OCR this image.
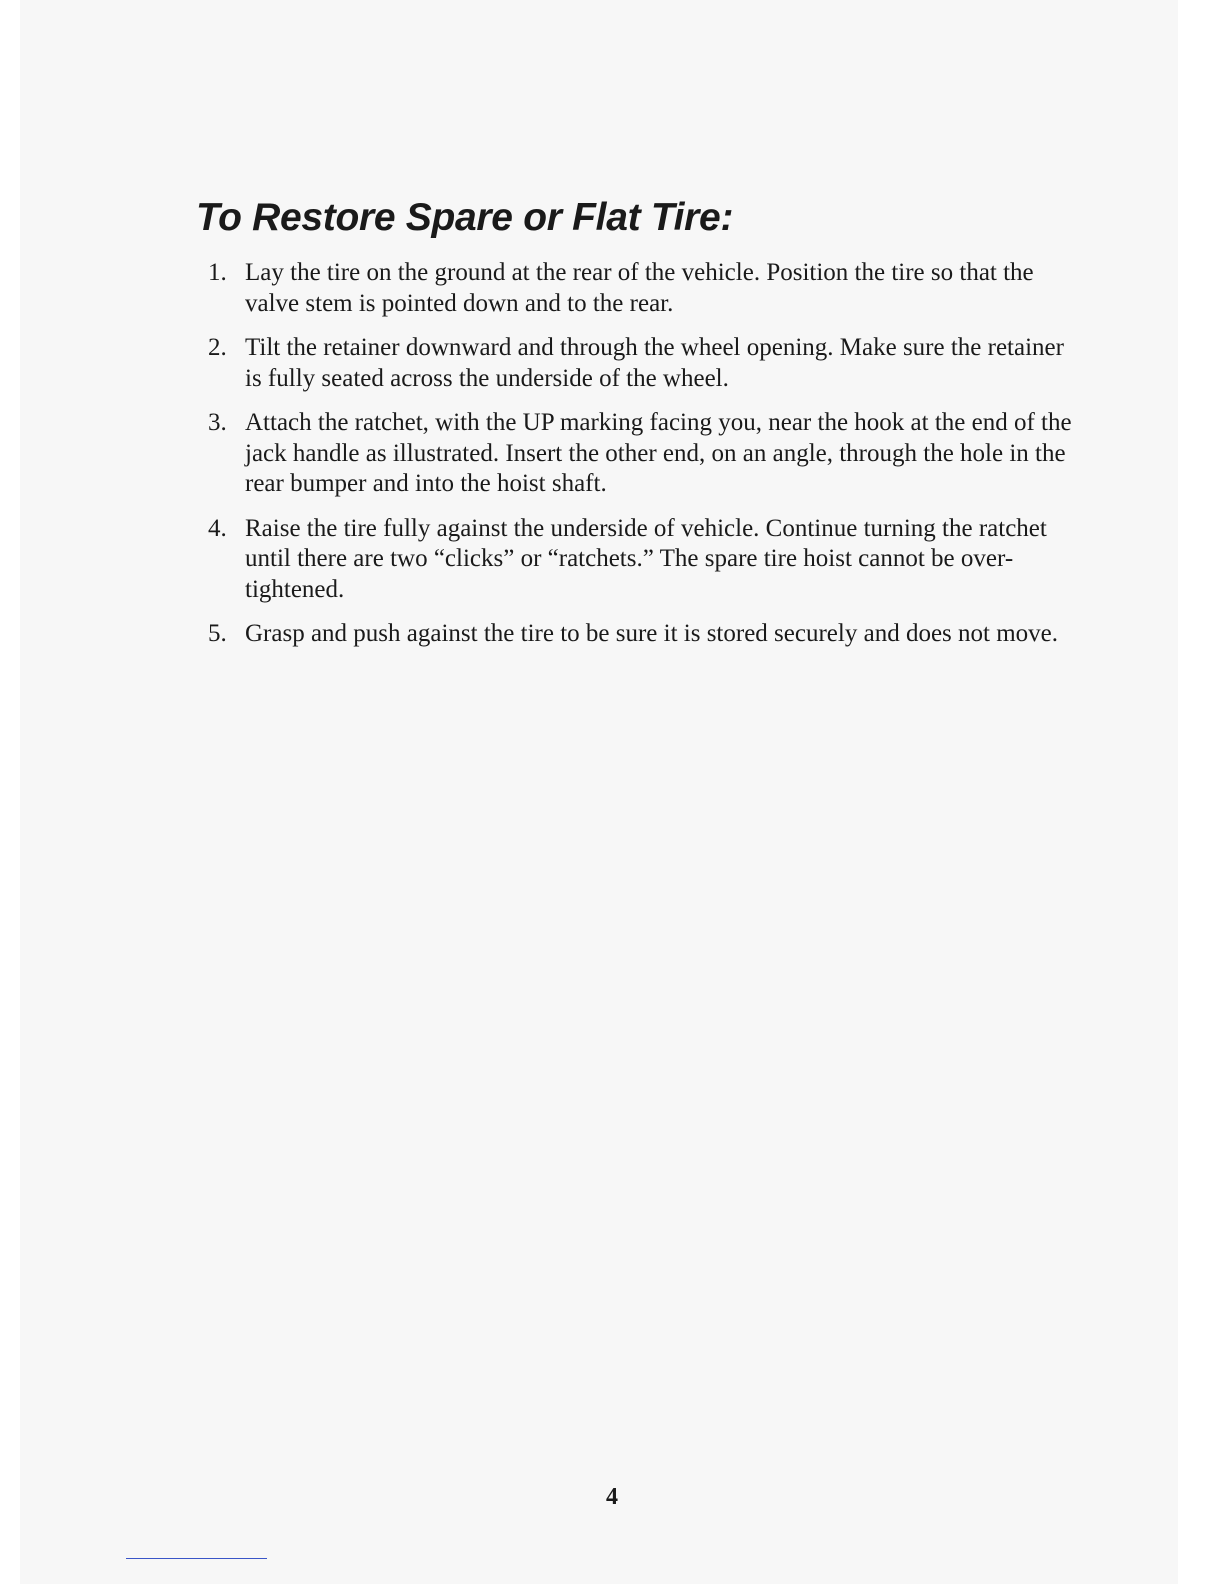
To Restore Spare or Flat Tire:
1. Lay the tire on the ground at the rear of the vehicle. Position the tire so that the valve stem is pointed down and to the rear.
2. Tilt the retainer downward and through the wheel opening. Make sure the retainer is fully seated across the underside of the wheel.
3. Attach the ratchet, with the UP marking facing you, near the hook at the end of the jack handle as illustrated. Insert the other end, on an angle, through the hole in the rear bumper and into the hoist shaft.
4. Raise the tire fully against the underside of vehicle. Continue turning the ratchet until there are two “clicks” or “ratchets.” The spare tire hoist cannot be over-tightened.
5. Grasp and push against the tire to be sure it is stored securely and does not move.
4
